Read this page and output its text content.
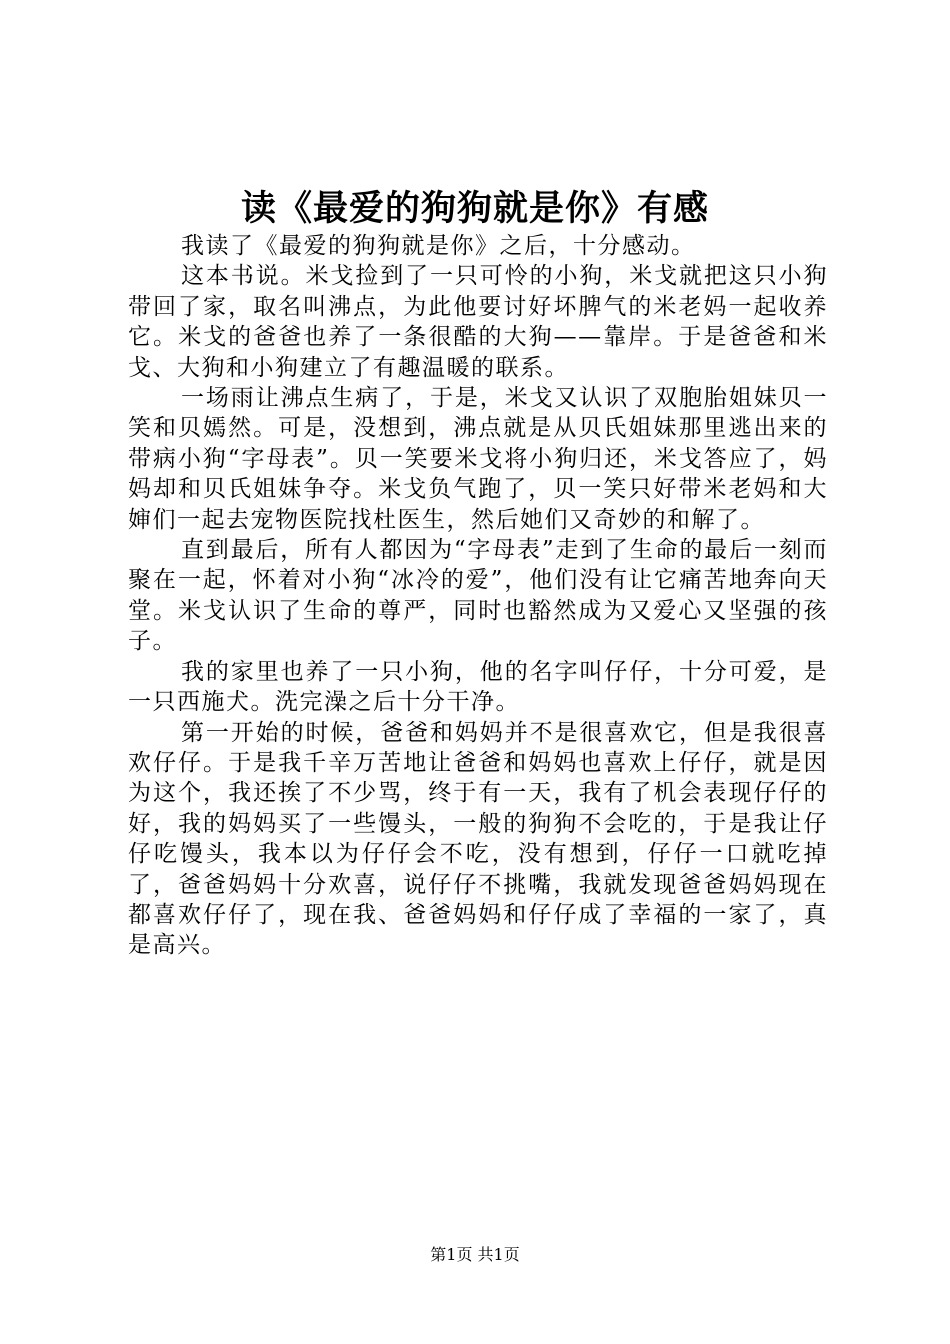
读《最爱的狗狗就是你》有感

我读了《最爱的狗狗就是你》之后，十分感动。

这本书说。米戈捡到了一只可怜的小狗，米戈就把这只小狗带回了家，取名叫沸点，为此他要讨好坏脾气的米老妈一起收养它。米戈的爸爸也养了一条很酷的大狗——靠岸。于是爸爸和米戈、大狗和小狗建立了有趣温暖的联系。

一场雨让沸点生病了，于是，米戈又认识了双胞胎姐妹贝一笑和贝嫣然。可是，没想到，沸点就是从贝氏姐妹那里逃出来的带病小狗“字母表”。贝一笑要米戈将小狗归还，米戈答应了，妈妈却和贝氏姐妹争夺。米戈负气跑了，贝一笑只好带米老妈和大婶们一起去宠物医院找杜医生，然后她们又奇妙的和解了。

直到最后，所有人都因为“字母表”走到了生命的最后一刻而聚在一起，怀着对小狗“冰冷的爱”，他们没有让它痛苦地奔向天堂。米戈认识了生命的尊严，同时也豁然成为又爱心又坚强的孩子。

我的家里也养了一只小狗，他的名字叫仔仔，十分可爱，是一只西施犬。洗完澡之后十分干净。

第一开始的时候，爸爸和妈妈并不是很喜欢它，但是我很喜欢仔仔。于是我千辛万苦地让爸爸和妈妈也喜欢上仔仔，就是因为这个，我还挨了不少骂，终于有一天，我有了机会表现仔仔的好，我的妈妈买了一些馒头，一般的狗狗不会吃的，于是我让仔仔吃馒头，我本以为仔仔会不吃，没有想到，仔仔一口就吃掉了，爸爸妈妈十分欢喜，说仔仔不挑嘴，我就发现爸爸妈妈现在都喜欢仔仔了，现在我、爸爸妈妈和仔仔成了幸福的一家了，真是高兴。

第1页 共1页
